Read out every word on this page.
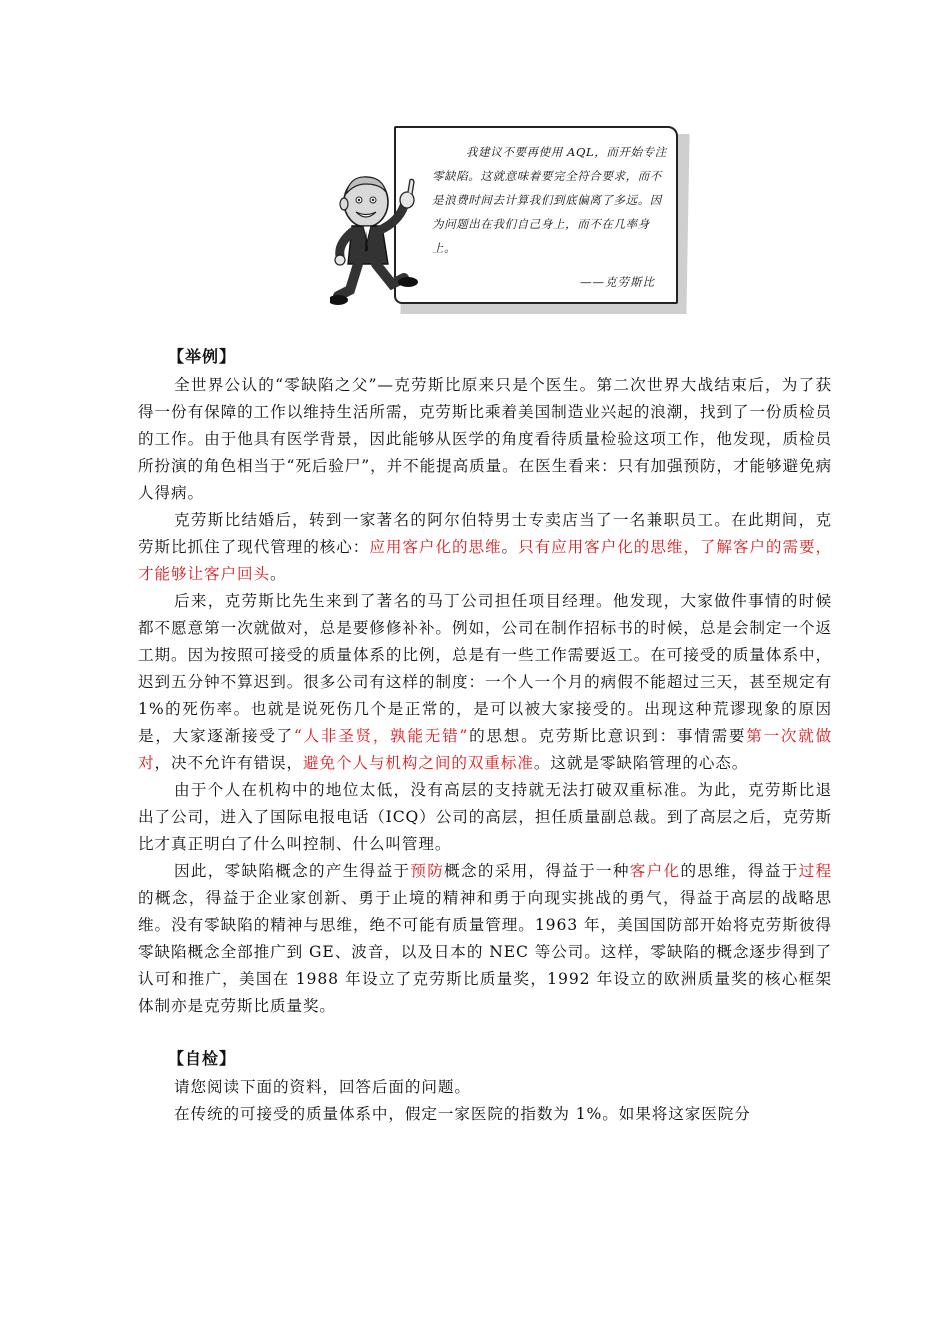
我建议不要再使用 AQL，而开始专注零缺陷。这就意味着要完全符合要求，而不是浪费时间去计算我们到底偏离了多远。因为问题出在我们自己身上，而不在几率身上。

——克劳斯比
【举例】

全世界公认的“零缺陷之父”—克劳斯比原来只是个医生。第二次世界大战结束后，为了获得一份有保障的工作以维持生活所需，克劳斯比乘着美国制造业兴起的浪潮，找到了一份质检员的工作。由于他具有医学背景，因此能够从医学的角度看待质量检验这项工作，他发现，质检员所扮演的角色相当于“死后验尸”，并不能提高质量。在医生看来：只有加强预防，才能够避免病人得病。

克劳斯比结婚后，转到一家著名的阿尔伯特男士专卖店当了一名兼职员工。在此期间，克劳斯比抓住了现代管理的核心：应用客户化的思维。只有应用客户化的思维，了解客户的需要，才能够让客户回头。

后来，克劳斯比先生来到了著名的马丁公司担任项目经理。他发现，大家做件事情的时候都不愿意第一次就做对，总是要修修补补。例如，公司在制作招标书的时候，总是会制定一个返工期。因为按照可接受的质量体系的比例，总是有一些工作需要返工。在可接受的质量体系中，迟到五分钟不算迟到。很多公司有这样的制度：一个人一个月的病假不能超过三天，甚至规定有 1%的死伤率。也就是说死伤几个是正常的，是可以被大家接受的。出现这种荒谬现象的原因是，大家逐渐接受了“人非圣贤，孰能无错”的思想。克劳斯比意识到：事情需要第一次就做对，决不允许有错误，避免个人与机构之间的双重标准。这就是零缺陷管理的心态。

由于个人在机构中的地位太低，没有高层的支持就无法打破双重标准。为此，克劳斯比退出了公司，进入了国际电报电话（ICQ）公司的高层，担任质量副总裁。到了高层之后，克劳斯比才真正明白了什么叫控制、什么叫管理。

因此，零缺陷概念的产生得益于预防概念的采用，得益于一种客户化的思维，得益于过程的概念，得益于企业家创新、勇于止境的精神和勇于向现实挑战的勇气，得益于高层的战略思维。没有零缺陷的精神与思维，绝不可能有质量管理。1963 年，美国国防部开始将克劳斯彼得零缺陷概念全部推广到 GE、波音，以及日本的 NEC 等公司。这样，零缺陷的概念逐步得到了认可和推广，美国在 1988 年设立了克劳斯比质量奖，1992 年设立的欧洲质量奖的核心框架体制亦是克劳斯比质量奖。

【自检】

请您阅读下面的资料，回答后面的问题。

在传统的可接受的质量体系中，假定一家医院的指数为 1%。如果将这家医院分
